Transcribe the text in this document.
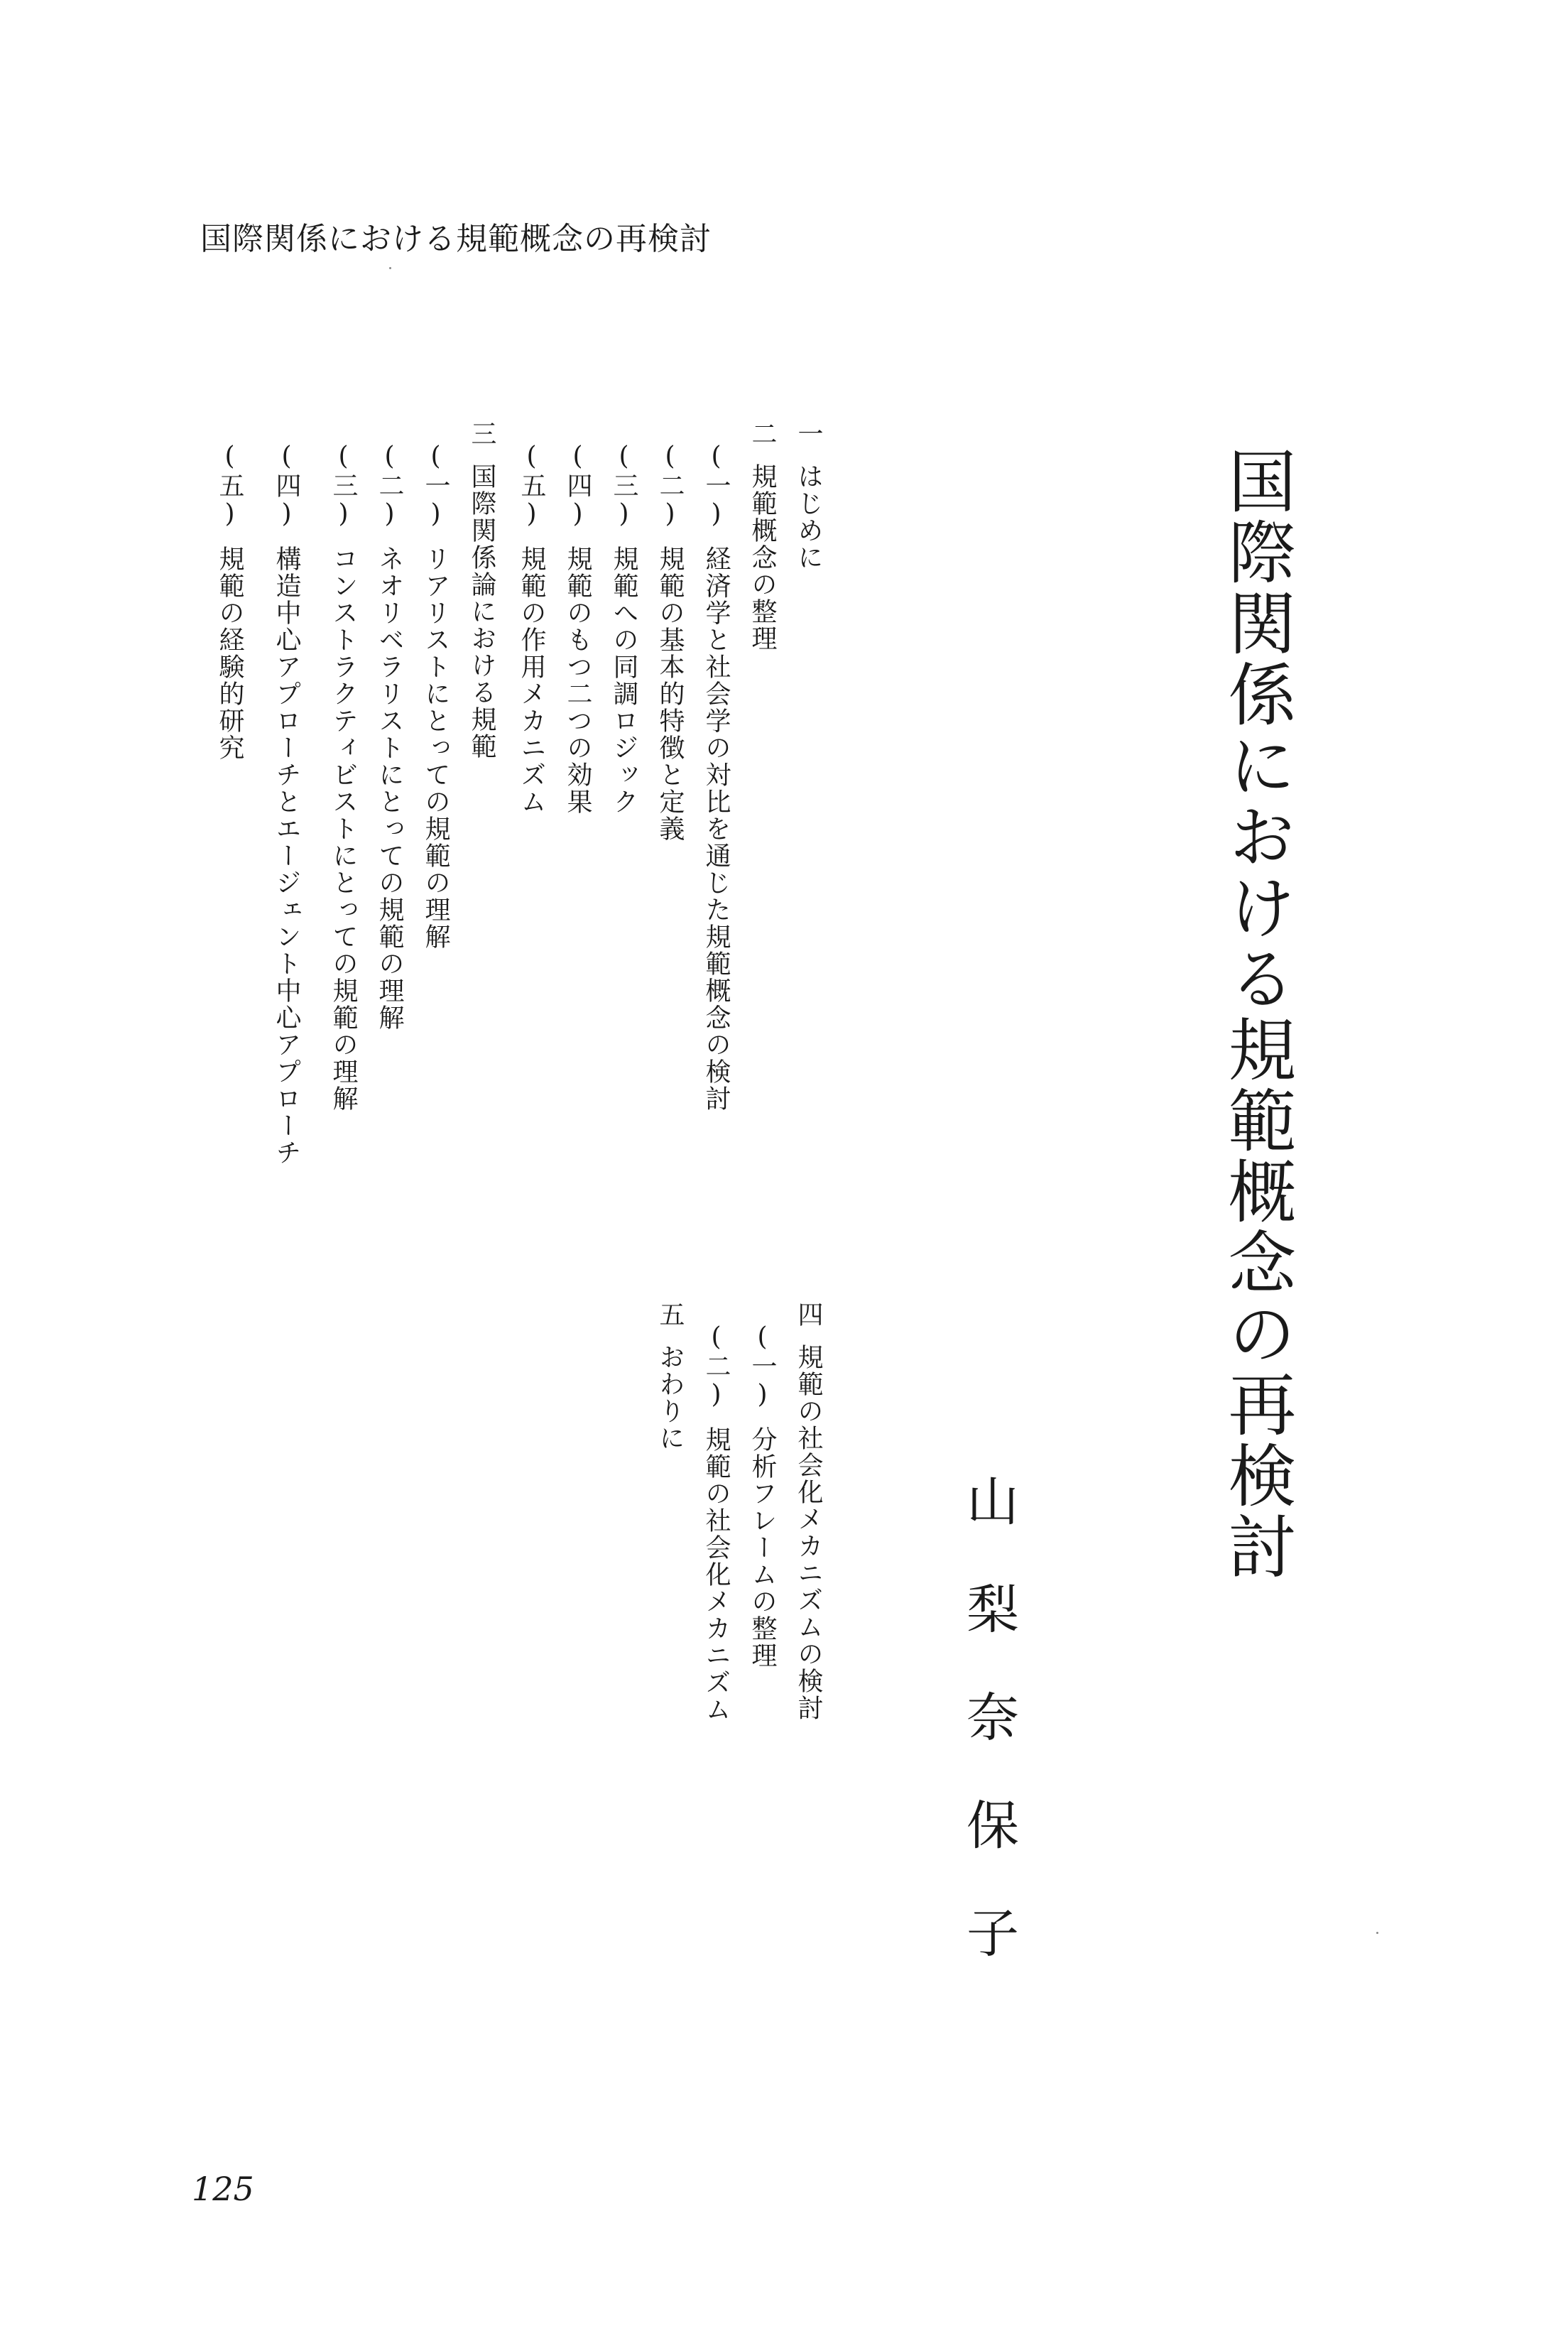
国際関係における規範概念の再検討
国際関係における規範概念の再検討
山梨奈保子
一はじめに
二規範概念の整理
(一)経済学と社会学の対比を通じた規範概念の検討
(二)規範の基本的特徴と定義
(三)規範への同調ロジック
(四)規範のもつ二つの効果
(五)規範の作用メカニズム
三国際関係論における規範
(一)リアリストにとっての規範の理解
(二)ネオリベラリストにとっての規範の理解
(三)コンストラクティビストにとっての規範の理解
(四)構造中心アプローチとエージェント中心アプローチ
(五)規範の経験的研究
四規範の社会化メカニズムの検討
(一)分析フレームの整理
(二)規範の社会化メカニズム
五おわりに
125
